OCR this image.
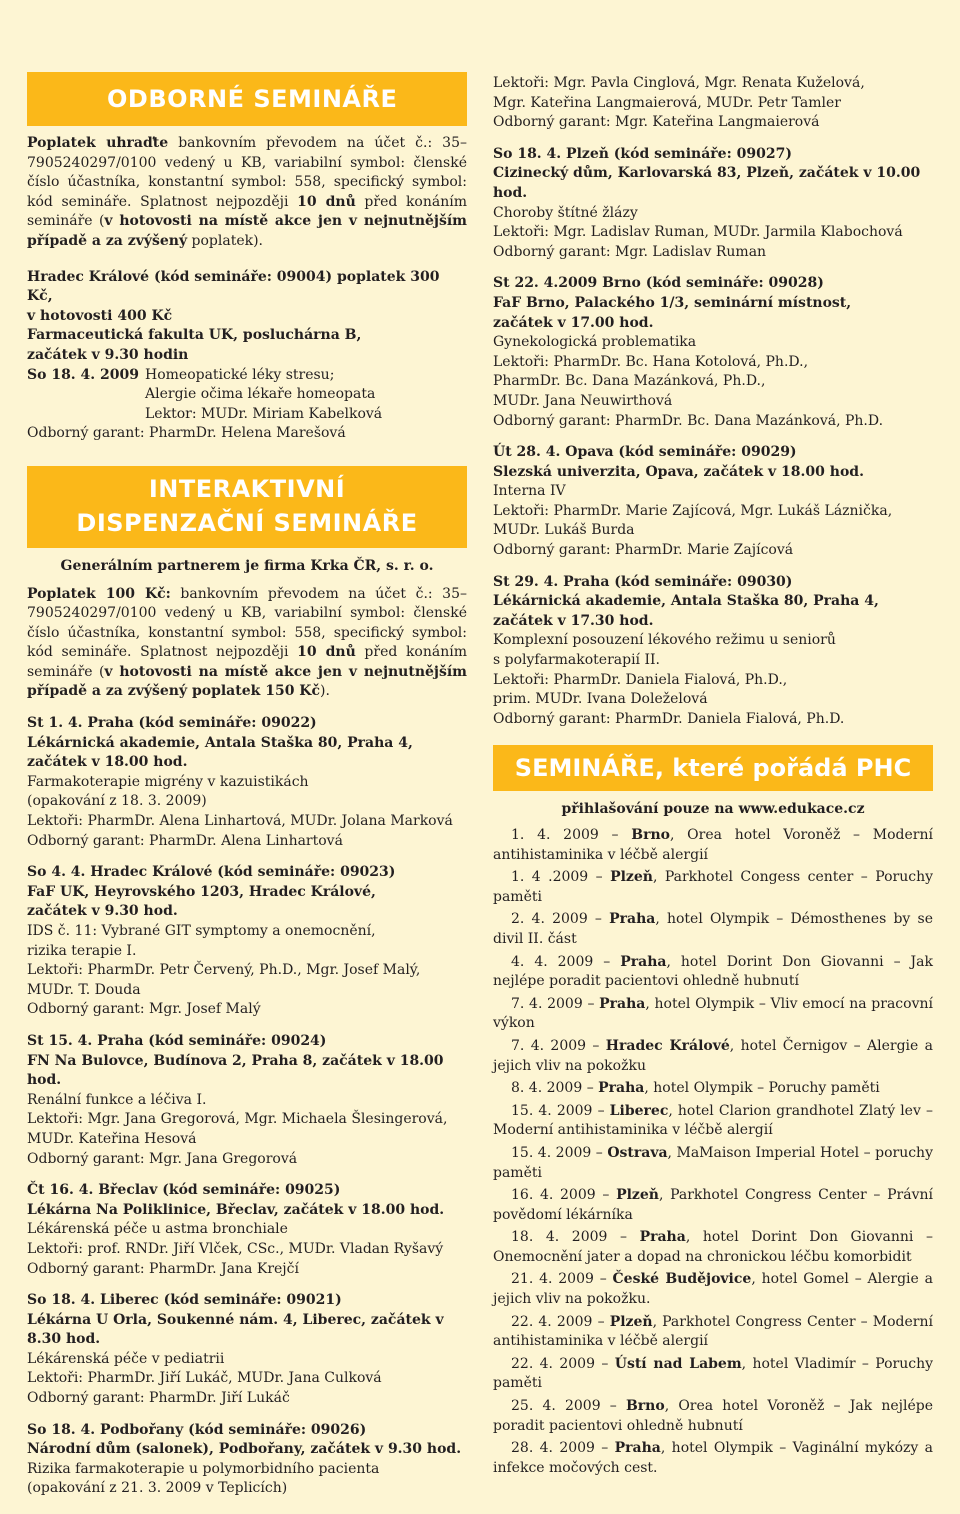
ODBORNÉ SEMINÁŘE

Poplatek uhraďte bankovním převodem na účet č.: 35–7905240297/0100 vedený u KB, variabilní symbol: členské číslo účastníka, konstantní symbol: 558, specifický symbol: kód semináře. Splatnost nejpozději 10 dnů před konáním semináře (v hotovosti na místě akce jen v nejnutnějším případě a za zvýšený poplatek).

Hradec Králové (kód semináře: 09004) poplatek 300 Kč,

v hotovosti 400 Kč

Farmaceutická fakulta UK, posluchárna B,

začátek v 9.30 hodin

So 18. 4. 2009 Homeopatické léky stresu;

Alergie očima lékaře homeopata

Lektor: MUDr. Miriam Kabelková

Odborný garant: PharmDr. Helena Marešová

INTERAKTIVNÍ
DISPENZAČNÍ SEMINÁŘE

Generálním partnerem je firma Krka ČR, s. r. o.

Poplatek 100 Kč: bankovním převodem na účet č.: 35–7905240297/0100 vedený u KB, variabilní symbol: členské číslo účastníka, konstantní symbol: 558, specifický symbol: kód semináře. Splatnost nejpozději 10 dnů před konáním semináře (v hotovosti na místě akce jen v nejnutnějším případě a za zvýšený poplatek 150 Kč).

St 1. 4. Praha (kód semináře: 09022)

Lékárnická akademie, Antala Staška 80, Praha 4,

začátek v 18.00 hod.

Farmakoterapie migrény v kazuistikách

(opakování z 18. 3. 2009)

Lektoři: PharmDr. Alena Linhartová, MUDr. Jolana Marková

Odborný garant: PharmDr. Alena Linhartová

So 4. 4. Hradec Králové (kód semináře: 09023)

FaF UK, Heyrovského 1203, Hradec Králové,

začátek v 9.30 hod.

IDS č. 11: Vybrané GIT symptomy a onemocnění,

rizika terapie I.

Lektoři: PharmDr. Petr Červený, Ph.D., Mgr. Josef Malý,

MUDr. T. Douda

Odborný garant: Mgr. Josef Malý

St 15. 4. Praha (kód semináře: 09024)

FN Na Bulovce, Budínova 2, Praha 8, začátek v 18.00 hod.

Renální funkce a léčiva I.

Lektoři: Mgr. Jana Gregorová, Mgr. Michaela Šlesingerová,

MUDr. Kateřina Hesová

Odborný garant: Mgr. Jana Gregorová

Čt 16. 4. Břeclav (kód semináře: 09025)

Lékárna Na Poliklinice, Břeclav, začátek v 18.00 hod.

Lékárenská péče u astma bronchiale

Lektoři: prof. RNDr. Jiří Vlček, CSc., MUDr. Vladan Ryšavý

Odborný garant: PharmDr. Jana Krejčí

So 18. 4. Liberec (kód semináře: 09021)

Lékárna U Orla, Soukenné nám. 4, Liberec, začátek v 8.30 hod.

Lékárenská péče v pediatrii

Lektoři: PharmDr. Jiří Lukáč, MUDr. Jana Culková

Odborný garant: PharmDr. Jiří Lukáč

So 18. 4. Podbořany (kód semináře: 09026)

Národní dům (salonek), Podbořany, začátek v 9.30 hod.

Rizika farmakoterapie u polymorbidního pacienta

(opakování z 21. 3. 2009 v Teplicích)

Lektoři: Mgr. Pavla Cinglová, Mgr. Renata Kuželová,

Mgr. Kateřina Langmaierová, MUDr. Petr Tamler

Odborný garant: Mgr. Kateřina Langmaierová

So 18. 4. Plzeň (kód semináře: 09027)

Cizinecký dům, Karlovarská 83, Plzeň, začátek v 10.00 hod.

Choroby štítné žlázy

Lektoři: Mgr. Ladislav Ruman, MUDr. Jarmila Klabochová

Odborný garant: Mgr. Ladislav Ruman

St 22. 4.2009 Brno (kód semináře: 09028)

FaF Brno, Palackého 1/3, seminární místnost,

začátek v 17.00 hod.

Gynekologická problematika

Lektoři: PharmDr. Bc. Hana Kotolová, Ph.D.,

PharmDr. Bc. Dana Mazánková, Ph.D.,

MUDr. Jana Neuwirthová

Odborný garant: PharmDr. Bc. Dana Mazánková, Ph.D.

Út 28. 4. Opava (kód semináře: 09029)

Slezská univerzita, Opava, začátek v 18.00 hod.

Interna IV

Lektoři: PharmDr. Marie Zajícová, Mgr. Lukáš Láznička,

MUDr. Lukáš Burda

Odborný garant: PharmDr. Marie Zajícová

St 29. 4. Praha (kód semináře: 09030)

Lékárnická akademie, Antala Staška 80, Praha 4,

začátek v 17.30 hod.

Komplexní posouzení lékového režimu u seniorů

s polyfarmakoterapií II.

Lektoři: PharmDr. Daniela Fialová, Ph.D.,

prim. MUDr. Ivana Doleželová

Odborný garant: PharmDr. Daniela Fialová, Ph.D.

SEMINÁŘE, které pořádá PHC

přihlašování pouze na www.edukace.cz

1. 4. 2009 – Brno, Orea hotel Voroněž – Moderní antihistaminika v léčbě alergií

1. 4 .2009 – Plzeň, Parkhotel Congess center – Poruchy paměti

2. 4. 2009 – Praha, hotel Olympik – Démosthenes by se divil II. část

4. 4. 2009 – Praha, hotel Dorint Don Giovanni – Jak nejlépe poradit pacientovi ohledně hubnutí

7. 4. 2009 – Praha, hotel Olympik – Vliv emocí na pracovní výkon

7. 4. 2009 – Hradec Králové, hotel Černigov – Alergie a jejich vliv na pokožku

8. 4. 2009 – Praha, hotel Olympik – Poruchy paměti

15. 4. 2009 – Liberec, hotel Clarion grandhotel Zlatý lev – Moderní antihistaminika v léčbě alergií

15. 4. 2009 – Ostrava, MaMaison Imperial Hotel – poruchy paměti

16. 4. 2009 – Plzeň, Parkhotel Congress Center – Právní povědomí lékárníka

18. 4. 2009 – Praha, hotel Dorint Don Giovanni – Onemocnění jater a dopad na chronickou léčbu komorbidit

21. 4. 2009 – České Budějovice, hotel Gomel – Alergie a jejich vliv na pokožku.

22. 4. 2009 – Plzeň, Parkhotel Congress Center – Moderní antihistaminika v léčbě alergií

22. 4. 2009 – Ústí nad Labem, hotel Vladimír – Poruchy paměti

25. 4. 2009 – Brno, Orea hotel Voroněž – Jak nejlépe poradit pacientovi ohledně hubnutí

28. 4. 2009 – Praha, hotel Olympik – Vaginální mykózy a infekce močových cest.
